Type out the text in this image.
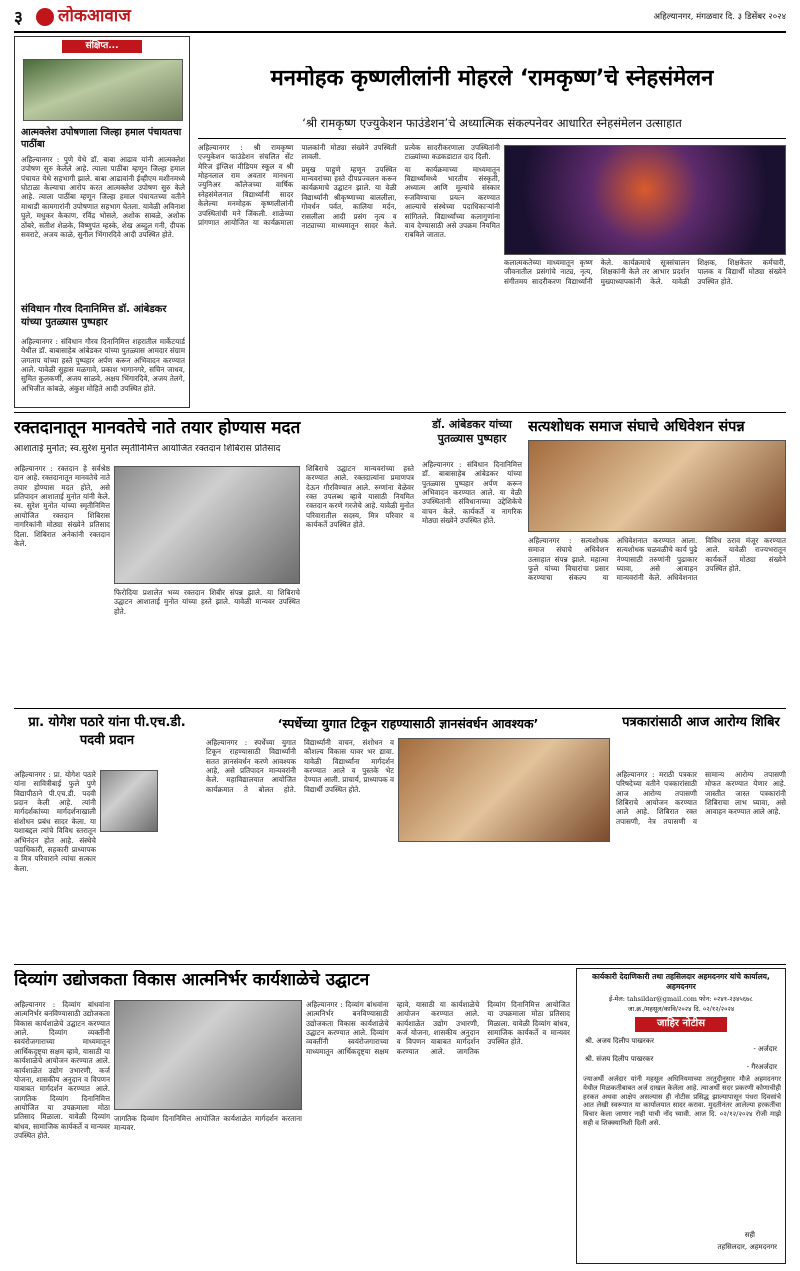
३ लोकआवाज	अहिल्यानगर, मंगळवार दि. ३ डिसेंबर २०२४
संक्षिप्त...
आत्मक्लेश उपोषणाला जिल्हा हमाल पंचायतचा पाठींबा
अहिल्यानगर : पुणे येथे डॉ. बाबा आढाव यांनी आत्मक्लेश उपोषण सुरु केलेले आहे. त्याला पाठींबा म्हणून जिल्हा हमाल पंचायत येथे सहभागी झाले. बाबा आढावांनी ईव्हीएम मशीनमध्ये घोटाळा केल्याचा आरोप करत आत्मक्लेश उपोषण सुरु केले आहे. त्याला पाठींबा म्हणून जिल्हा हमाल पंचायतच्या वतीने माथाडी कामगारांनी उपोषणात सहभाग घेतला. यावेळी अविनाश घुले, मधुकर केकाण, रविंद्र भोसले, अशोक साबळे, अशोक ठोंबरे, सतीश शेळके, विष्णुपंत म्हस्के, शेख अब्दुल गनी, दीपक सवराटे, अजय काळे, सुनील भिंगारदिवे आदी उपस्थित होते.
संविधान गौरव दिनानिमित्त डॉ. आंबेडकर यांच्या पुतळ्यास पुष्पहार
अहिल्यानगर : संविधान गौरव दिनानिमित्त शहरातील मार्केटयार्ड येथील डॉ. बाबासाहेब आंबेडकर यांच्या पुतळ्यास आमदार संग्राम जगताप यांच्या हस्ते पुष्पहार अर्पण करून अभिवादन करण्यात आले. यावेळी सुहास मळगावे, प्रकाश भागानगरे, सचिन जाधव, सुमित कुलकर्णी, अजय साळवे, अक्षय भिंगारदिवे, अजय तेलगे, अभिजीत कांबळे, अंकुश मोहिते आदी उपस्थित होते.
मनमोहक कृष्णलीलांनी मोहरले ‘रामकृष्ण’चे स्नेहसंमेलन
‘श्री रामकृष्ण एज्युकेशन फाउंडेशन’चे अध्यात्मिक संकल्पनेवर आधारित स्नेहसंमेलन उत्साहात

अहिल्यानगर : श्री रामकृष्ण एज्युकेशन फाउंडेशन संचलित सेंट मेरिज इंग्लिश मीडियम स्कूल व श्री मोहनलाल राम अवतार मानधना ज्युनिअर कॉलेजच्या वार्षिक स्नेहसंमेलनात विद्यार्थ्यांनी सादर केलेल्या मनमोहक कृष्णलीलांनी उपस्थितांची मने जिंकली. शाळेच्या प्रांगणात आयोजित या कार्यक्रमाला पालकांनी मोठ्या संख्येने उपस्थिती लावली.

प्रमुख पाहुणे म्हणून उपस्थित मान्यवरांच्या हस्ते दीपप्रज्वलन करून कार्यक्रमाचे उद्घाटन झाले. या वेळी विद्यार्थ्यांनी श्रीकृष्णाच्या बाललीला, गोवर्धन पर्वत, कालिया मर्दन, रासलीला आदी प्रसंग नृत्य व नाट्याच्या माध्यमातून सादर केले. प्रत्येक सादरीकरणाला उपस्थितांनी टाळ्यांच्या कडकडाटात दाद दिली.

या कार्यक्रमाच्या माध्यमातून विद्यार्थ्यांमध्ये भारतीय संस्कृती, अध्यात्म आणि मूल्यांचे संस्कार रुजविण्याचा प्रयत्न करण्यात आल्याचे संस्थेच्या पदाधिकाऱ्यांनी सांगितले. विद्यार्थ्यांच्या कलागुणांना वाव देण्यासाठी असे उपक्रम नियमित राबविले जातात.

कलात्मकतेच्या माध्यमातून कृष्ण जीवनातील प्रसंगांचे नाट्य, नृत्य, संगीतमय सादरीकरण विद्यार्थ्यांनी केले. कार्यक्रमाचे सूत्रसंचालन शिक्षकांनी केले तर आभार प्रदर्शन मुख्याध्यापकांनी केले. यावेळी शिक्षक, शिक्षकेतर कर्मचारी, पालक व विद्यार्थी मोठ्या संख्येने उपस्थित होते.
रक्तदानातून मानवतेचे नाते तयार होण्यास मदत
आशाताई मुनोत; स्व.सुरेश मुनोत स्मृतीनिमित्त आयोजित रक्तदान शिबिरास प्रतिसाद
अहिल्यानगर : रक्तदान हे सर्वश्रेष्ठ दान आहे. रक्तदानातून मानवतेचे नाते तयार होण्यास मदत होते, असे प्रतिपादन आशाताई मुनोत यांनी केले. स्व. सुरेश मुनोत यांच्या स्मृतीनिमित्त आयोजित रक्तदान शिबिरास नागरिकांनी मोठ्या संख्येने प्रतिसाद दिला. शिबिरात अनेकांनी रक्तदान केले.
फिरोदिया प्रशालेत भव्य रक्तदान शिबीर संपन्न झाले. या शिबिराचे उद्घाटन आशाताई मुनोत यांच्या हस्ते झाले. यावेळी मान्यवर उपस्थित होते.
शिबिराचे उद्घाटन मान्यवरांच्या हस्ते करण्यात आले. रक्तदात्यांना प्रमाणपत्र देऊन गौरविण्यात आले. रुग्णांना वेळेवर रक्त उपलब्ध व्हावे यासाठी नियमित रक्तदान करणे गरजेचे आहे. यावेळी मुनोत परिवारातील सदस्य, मित्र परिवार व कार्यकर्ते उपस्थित होते.
डॉ. आंबेडकर यांच्या पुतळ्यास पुष्पहार
अहिल्यानगर : संविधान दिनानिमित्त डॉ. बाबासाहेब आंबेडकर यांच्या पुतळ्यास पुष्पहार अर्पण करून अभिवादन करण्यात आले. या वेळी उपस्थितांनी संविधानाच्या उद्देशिकेचे वाचन केले. कार्यकर्ते व नागरिक मोठ्या संख्येने उपस्थित होते.
सत्यशोधक समाज संघाचे अधिवेशन संपन्न
अहिल्यानगर : सत्यशोधक समाज संघाचे अधिवेशन उत्साहात संपन्न झाले. महात्मा फुले यांच्या विचारांचा प्रसार करण्याचा संकल्प या अधिवेशनात करण्यात आला. सत्यशोधक चळवळीचे कार्य पुढे नेण्यासाठी तरुणांनी पुढाकार घ्यावा, असे आवाहन मान्यवरांनी केले. अधिवेशनात विविध ठराव मंजूर करण्यात आले. यावेळी राज्यभरातून कार्यकर्ते मोठ्या संख्येने उपस्थित होते.
प्रा. योगेश पठारे यांना पी.एच.डी. पदवी प्रदान
अहिल्यानगर : प्रा. योगेश पठारे यांना सावित्रीबाई फुले पुणे विद्यापीठाने पी.एच.डी. पदवी प्रदान केली आहे. त्यांनी मार्गदर्शकांच्या मार्गदर्शनाखाली संशोधन प्रबंध सादर केला. या यशाबद्दल त्यांचे विविध स्तरातून अभिनंदन होत आहे. संस्थेचे पदाधिकारी, सहकारी प्राध्यापक व मित्र परिवाराने त्यांचा सत्कार केला.
‘स्पर्धेच्या युगात टिकून राहण्यासाठी ज्ञानसंवर्धन आवश्यक’
अहिल्यानगर : स्पर्धेच्या युगात टिकून राहण्यासाठी विद्यार्थ्यांनी सतत ज्ञानसंवर्धन करणे आवश्यक आहे, असे प्रतिपादन मान्यवरांनी केले. महाविद्यालयात आयोजित कार्यक्रमात ते बोलत होते. विद्यार्थ्यांनी वाचन, संशोधन व कौशल्य विकास यावर भर द्यावा. यावेळी विद्यार्थ्यांना मार्गदर्शन करण्यात आले व पुस्तके भेट देण्यात आली. प्राचार्य, प्राध्यापक व विद्यार्थी उपस्थित होते.
पत्रकारांसाठी आज आरोग्य शिबिर
अहिल्यानगर : मराठी पत्रकार परिषदेच्या वतीने पत्रकारांसाठी आज आरोग्य तपासणी शिबिराचे आयोजन करण्यात आले आहे. शिबिरात रक्त तपासणी, नेत्र तपासणी व सामान्य आरोग्य तपासणी मोफत करण्यात येणार आहे. जास्तीत जास्त पत्रकारांनी शिबिराचा लाभ घ्यावा, असे आवाहन करण्यात आले आहे.
दिव्यांग उद्योजकता विकास आत्मनिर्भर कार्यशाळेचे उद्घाटन
जागतिक दिव्यांग दिनानिमित्त आयोजित कार्यशाळेत मार्गदर्शन करताना मान्यवर.
अहिल्यानगर : दिव्यांग बांधवांना आत्मनिर्भर बनविण्यासाठी उद्योजकता विकास कार्यशाळेचे उद्घाटन करण्यात आले. दिव्यांग व्यक्तींनी स्वयंरोजगाराच्या माध्यमातून आर्थिकदृष्ट्या सक्षम व्हावे, यासाठी या कार्यशाळेचे आयोजन करण्यात आले. कार्यशाळेत उद्योग उभारणी, कर्ज योजना, शासकीय अनुदान व विपणन याबाबत मार्गदर्शन करण्यात आले. जागतिक दिव्यांग दिनानिमित्त आयोजित या उपक्रमाला मोठा प्रतिसाद मिळाला. यावेळी दिव्यांग बांधव, सामाजिक कार्यकर्ते व मान्यवर उपस्थित होते.
अहिल्यानगर : दिव्यांग बांधवांना आत्मनिर्भर बनविण्यासाठी उद्योजकता विकास कार्यशाळेचे उद्घाटन करण्यात आले. दिव्यांग व्यक्तींनी स्वयंरोजगाराच्या माध्यमातून आर्थिकदृष्ट्या सक्षम व्हावे, यासाठी या कार्यशाळेचे आयोजन करण्यात आले. कार्यशाळेत उद्योग उभारणी, कर्ज योजना, शासकीय अनुदान व विपणन याबाबत मार्गदर्शन करण्यात आले. जागतिक दिव्यांग दिनानिमित्त आयोजित या उपक्रमाला मोठा प्रतिसाद मिळाला. यावेळी दिव्यांग बांधव, सामाजिक कार्यकर्ते व मान्यवर उपस्थित होते.
कार्यकारी देदाणिकारी तथा तहसिलदार अहमदनगर यांचे कार्यालय, अहमदनगर
ई-मेल: tahsildar@gmail.com फोन: ०२४१-२३४५६७८
जा.क्र./महसूल/कावि/२०२४ दि. ०२/१२/२०२४
जाहिर नोटीस
श्री. अजय दिलीप पाखरकर
- अर्जदार
श्री. संजय दिलीप पाखरकर
- गैरअर्जदार
ज्याअर्थी अर्जदार यांनी महसूल अधिनियमाच्या तरतुदीनुसार मौजे अहमदनगर येथील मिळकतीबाबत अर्ज दाखल केलेला आहे. त्याअर्थी सदर प्रकरणी कोणाचीही हरकत अथवा आक्षेप असल्यास ही नोटीस प्रसिद्ध झाल्यापासून पंधरा दिवसांचे आत लेखी स्वरूपात या कार्यालयात सादर करावा. मुदतीनंतर आलेल्या हरकतींचा विचार केला जाणार नाही याची नोंद घ्यावी. आज दि. ०२/१२/२०२४ रोजी माझे सही व शिक्क्यानिशी दिली असे.
सही
तहसिलदार, अहमदनगर
